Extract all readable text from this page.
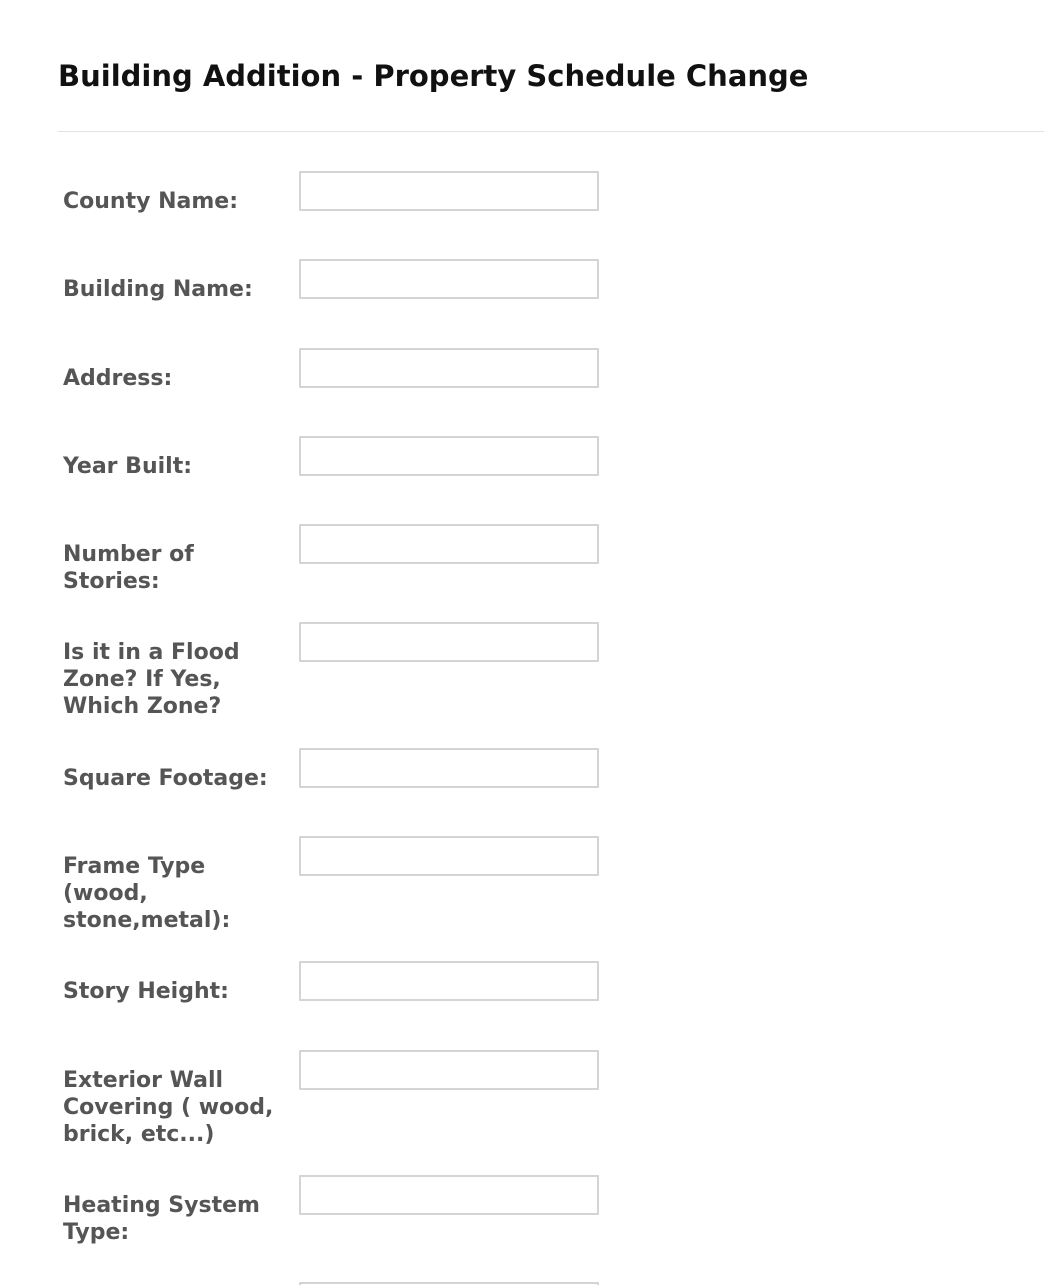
Building Addition - Property Schedule Change
County Name:
Building Name:
Address:
Year Built:
Number of Stories:
Is it in a Flood Zone? If Yes, Which Zone?
Square Footage:
Frame Type (wood, stone,metal):
Story Height:
Exterior Wall Covering ( wood, brick, etc...)
Heating System Type:
